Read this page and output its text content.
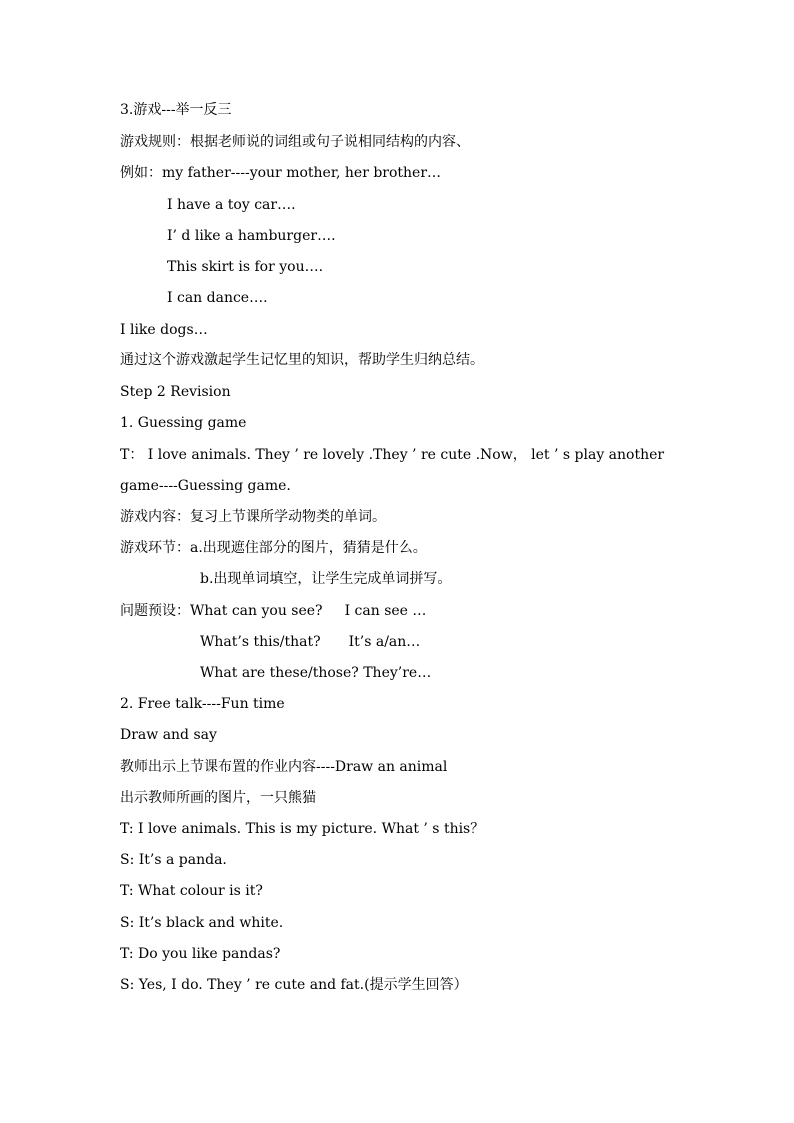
3.游戏---举一反三
游戏规则：根据老师说的词组或句子说相同结构的内容、
例如：my father----your mother, her brother…
I have a toy car….
I’ d like a hamburger….
This skirt is for you….
I can dance….
I like dogs…
通过这个游戏激起学生记忆里的知识，帮助学生归纳总结。
Step 2 Revision
1. Guessing game
T： I love animals. They ’ re lovely .They ’ re cute .Now， let ’ s play another
game----Guessing game.
游戏内容：复习上节课所学动物类的单词。
游戏环节：a.出现遮住部分的图片，猜猜是什么。
b.出现单词填空，让学生完成单词拼写。
问题预设：What can you see? I can see …
What’s this/that? It’s a/an…
What are these/those? They’re…
2. Free talk----Fun time
Draw and say
教师出示上节课布置的作业内容----Draw an animal
出示教师所画的图片，一只熊猫
T: I love animals. This is my picture. What ’ s this？
S: It’s a panda.
T: What colour is it?
S: It’s black and white.
T: Do you like pandas?
S: Yes, I do. They ’ re cute and fat.(提示学生回答）
